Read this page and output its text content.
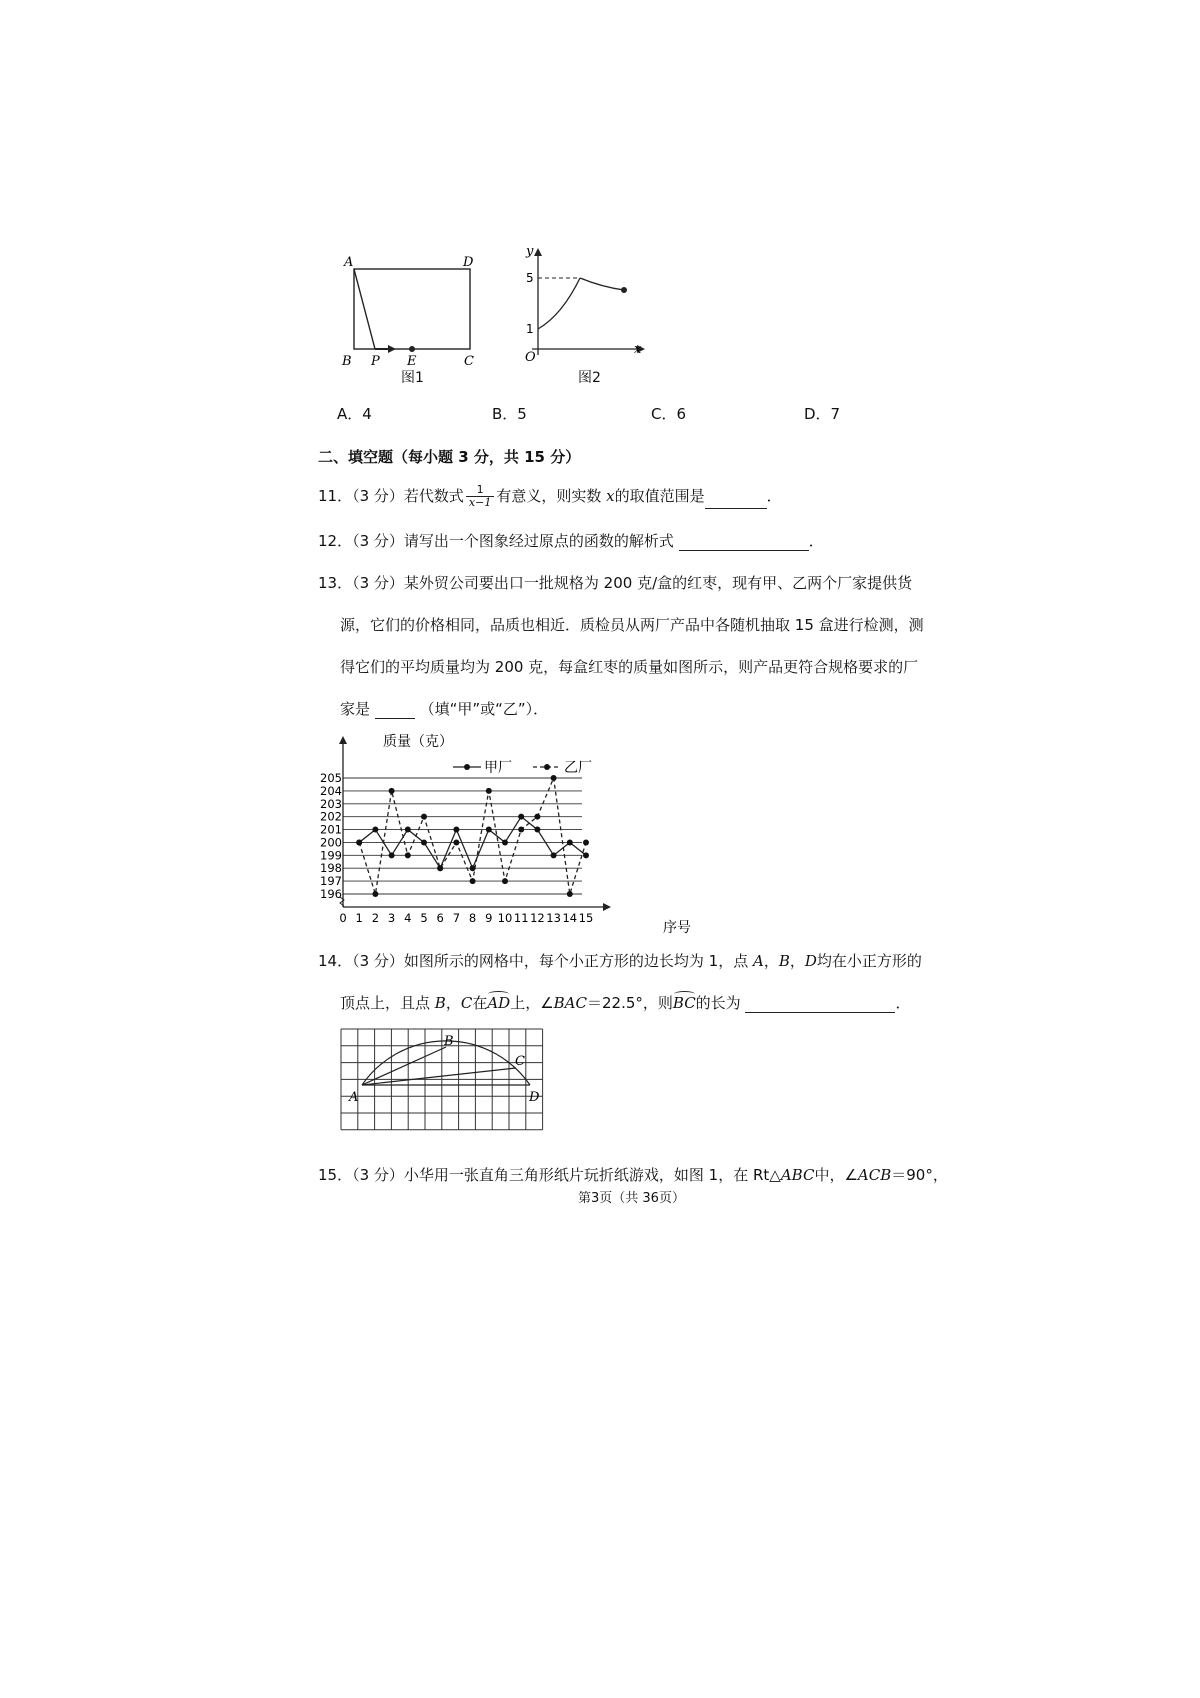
A	D
B P E	C
图1
y
x
O
5
1
图2
A．4	B．5	C．6	D．7
二、填空题（每小题 3 分，共 15 分）
11．（3 分）若代数式 $\frac{1}{x-1}$ 有意义，则实数 x的取值范围是	．
12．（3 分）请写出一个图象经过原点的函数的解析式	．
13．（3 分）某外贸公司要出口一批规格为 200 克/盒的红枣，现有甲、乙两个厂家提供货
源，它们的价格相同，品质也相近．质检员从两厂产品中各随机抽取 15 盒进行检测，测
得它们的平均质量均为 200 克，每盒红枣的质量如图所示，则产品更符合规格要求的厂
家是	（填“甲”或“乙”）．
196
197
198
199
200
201
202
203
204
205
0 1 2 3 4 5 6 7 8 9 10 11 12 13 14 15
甲厂	乙厂
质量（克）
序号
14．（3 分）如图所示的网格中，每个小正方形的边长均为 1，点 A，B，D均在小正方形的
顶点上，且点 B，C在AD上，∠BAC＝22.5°，则BC的长为	．
B
C
A	D
15．（3 分）小华用一张直角三角形纸片玩折纸游戏，如图 1，在 Rt△ABC中，∠ACB＝90°，
第3页（共 36页）
